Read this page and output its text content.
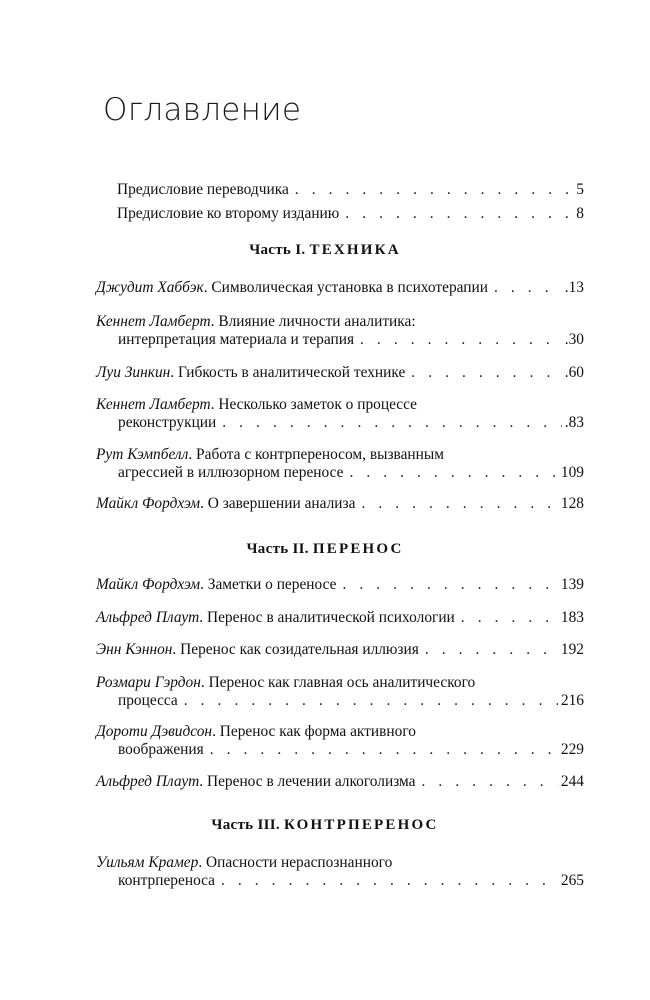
Оглавление
Предисловие переводчика . . .	5
Предисловие ко второму изданию . . .	8
Часть I. ТЕХНИКА
Джудит Хаббэк . Символическая установка в психотерапии . . .	.13
Кеннет Ламберт . Влияние личности аналитика:
интерпретация материала и терапия . . .	.30
Луи Зинкин . Гибкость в аналитической технике . . .	.60
Кеннет Ламберт . Несколько заметок о процессе
реконструкции . . .	.83
Рут Кэмпбелл . Работа с контрпереносом, вызванным
агрессией в иллюзорном переносе . . .	109
Майкл Фордхэм . О завершении анализа . . .	128
Часть II. ПЕРЕНОС
Майкл Фордхэм . Заметки о переносе . . .	139
Альфред Плаут . Перенос в аналитической психологии . . .	183
Энн Кэннон . Перенос как созидательная иллюзия . . .	192
Розмари Гэрдон . Перенос как главная ось аналитического
процесса . . .	216
Дороти Дэвидсон . Перенос как форма активного
воображения . . .	229
Альфред Плаут . Перенос в лечении алкоголизма . . .	244
Часть III. КОНТРПЕРЕНОС
Уильям Крамер . Опасности нераспознанного
контрпереноса . . .	265
